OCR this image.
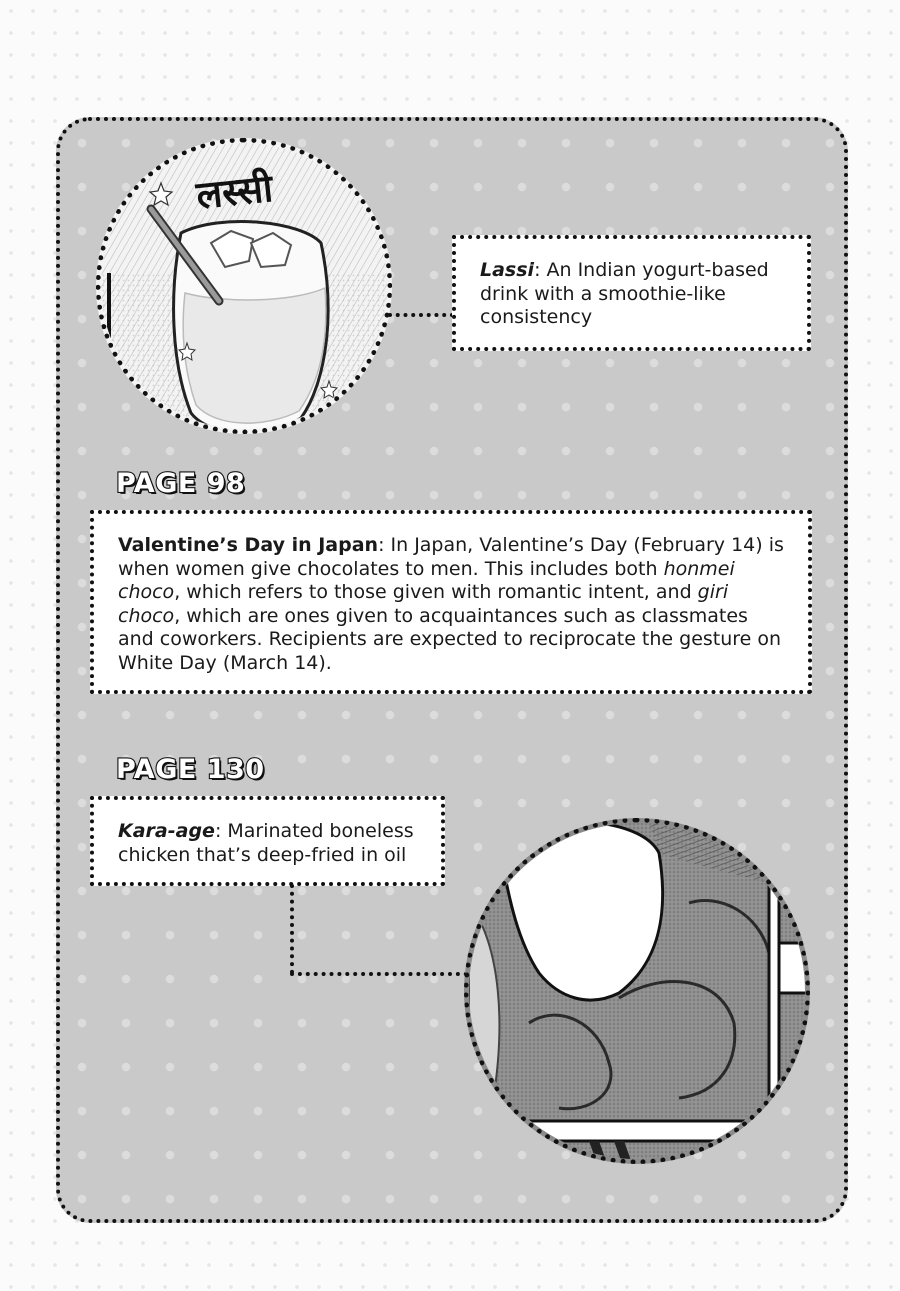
लस्सी
Lassi: An Indian yogurt-based drink with a smoothie-like consistency
PAGE 98
Valentine’s Day in Japan: In Japan, Valentine’s Day (February 14) is when women give chocolates to men. This includes both honmei choco, which refers to those given with romantic intent, and giri choco, which are ones given to acquaintances such as classmates and coworkers. Recipients are expected to reciprocate the gesture on White Day (March 14).
PAGE 130
Kara-age: Marinated boneless chicken that’s deep-fried in oil
